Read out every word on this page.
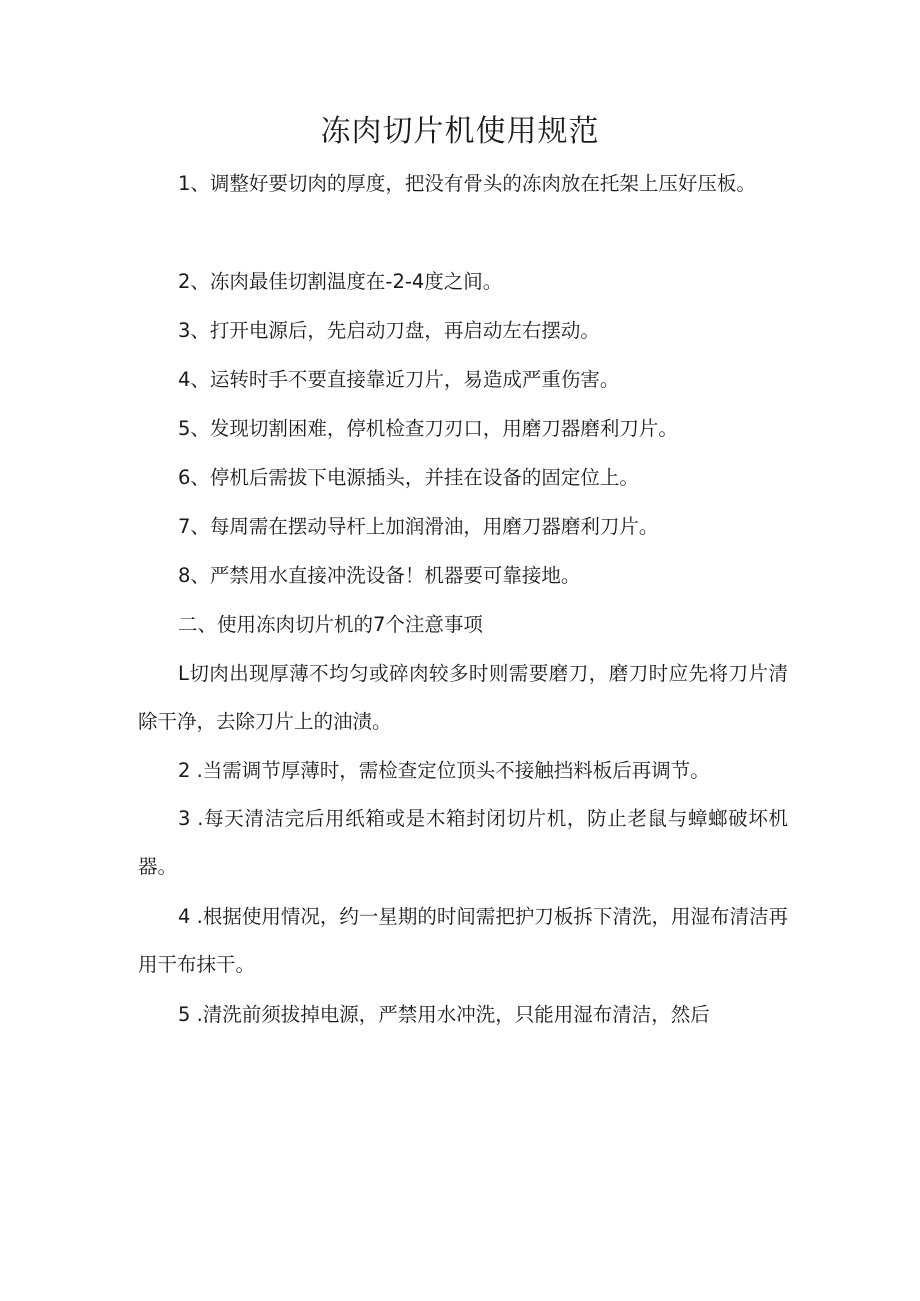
冻肉切片机使用规范
1、调整好要切肉的厚度，把没有骨头的冻肉放在托架上压好压板。
2、冻肉最佳切割温度在-2-4度之间。
3、打开电源后，先启动刀盘，再启动左右摆动。
4、运转时手不要直接靠近刀片，易造成严重伤害。
5、发现切割困难，停机检查刀刃口，用磨刀器磨利刀片。
6、停机后需拔下电源插头，并挂在设备的固定位上。
7、每周需在摆动导杆上加润滑油，用磨刀器磨利刀片。
8、严禁用水直接冲洗设备！机器要可靠接地。
二、使用冻肉切片机的7个注意事项
L切肉出现厚薄不均匀或碎肉较多时则需要磨刀，磨刀时应先将刀片清除干净，去除刀片上的油渍。
2 .当需调节厚薄时，需检查定位顶头不接触挡料板后再调节。
3 .每天清洁完后用纸箱或是木箱封闭切片机，防止老鼠与蟑螂破坏机器。
4 .根据使用情况，约一星期的时间需把护刀板拆下清洗，用湿布清洁再用干布抹干。
5 .清洗前须拔掉电源，严禁用水冲洗，只能用湿布清洁，然后
